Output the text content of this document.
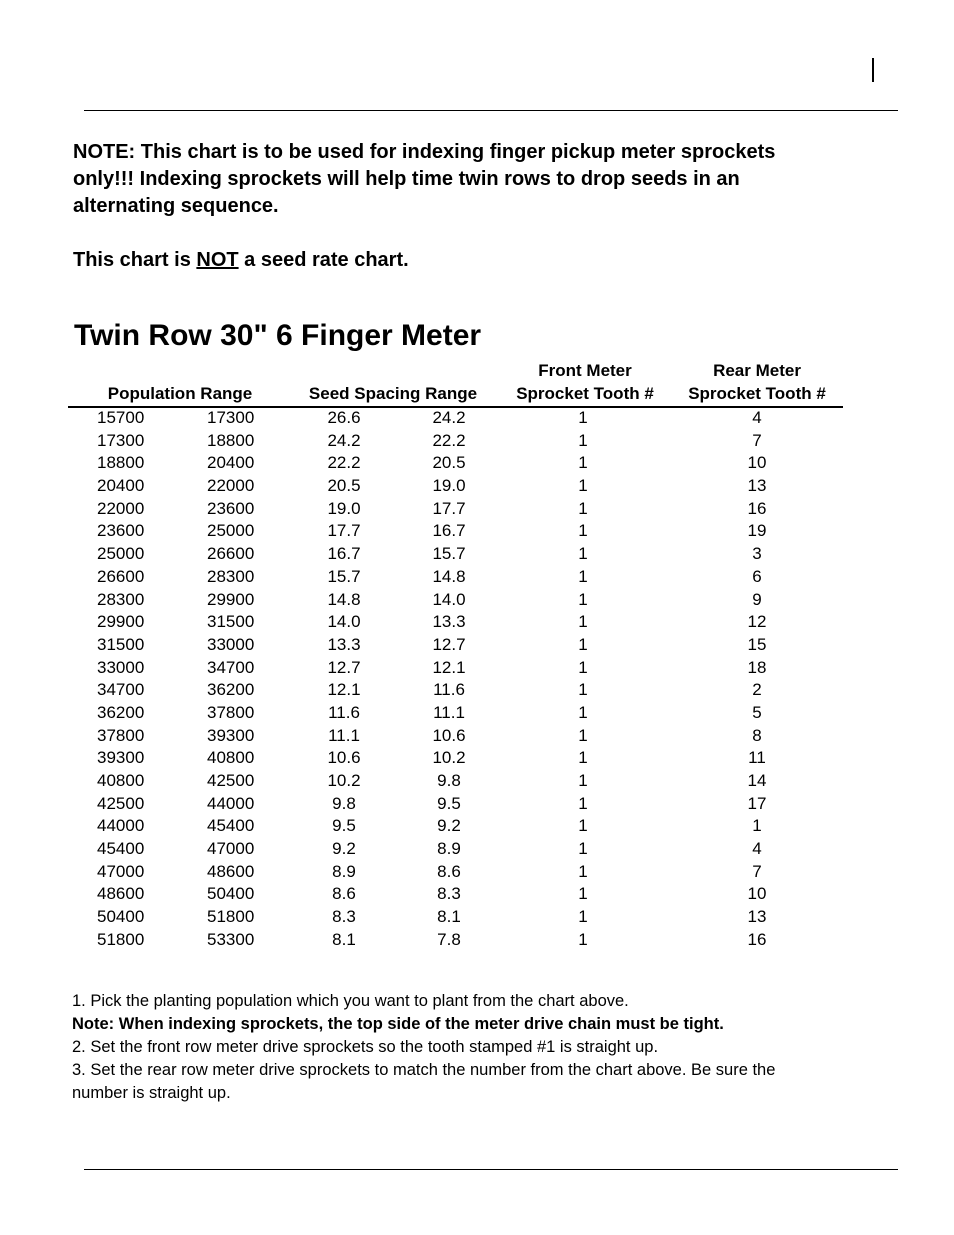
NOTE: This chart is to be used for indexing finger pickup meter sprockets only!!! Indexing sprockets will help time twin rows to drop seeds in an alternating sequence.

This chart is NOT a seed rate chart.
Twin Row 30" 6 Finger Meter
Population Range	Seed Spacing Range
Front Meter
Sprocket Tooth #
Rear Meter
Sprocket Tooth #
15700	17300	26.6	24.2	1	4
17300	18800	24.2	22.2	1	7
18800	20400	22.2	20.5	1	10
20400	22000	20.5	19.0	1	13
22000	23600	19.0	17.7	1	16
23600	25000	17.7	16.7	1	19
25000	26600	16.7	15.7	1	3
26600	28300	15.7	14.8	1	6
28300	29900	14.8	14.0	1	9
29900	31500	14.0	13.3	1	12
31500	33000	13.3	12.7	1	15
33000	34700	12.7	12.1	1	18
34700	36200	12.1	11.6	1	2
36200	37800	11.6	11.1	1	5
37800	39300	11.1	10.6	1	8
39300	40800	10.6	10.2	1	11
40800	42500	10.2	9.8	1	14
42500	44000	9.8	9.5	1	17
44000	45400	9.5	9.2	1	1
45400	47000	9.2	8.9	1	4
47000	48600	8.9	8.6	1	7
48600	50400	8.6	8.3	1	10
50400	51800	8.3	8.1	1	13
51800	53300	8.1	7.8	1	16

1. Pick the planting population which you want to plant from the chart above.

Note: When indexing sprockets, the top side of the meter drive chain must be tight.

2. Set the front row meter drive sprockets so the tooth stamped #1 is straight up.

3. Set the rear row meter drive sprockets to match the number from the chart above. Be sure the number is straight up.
